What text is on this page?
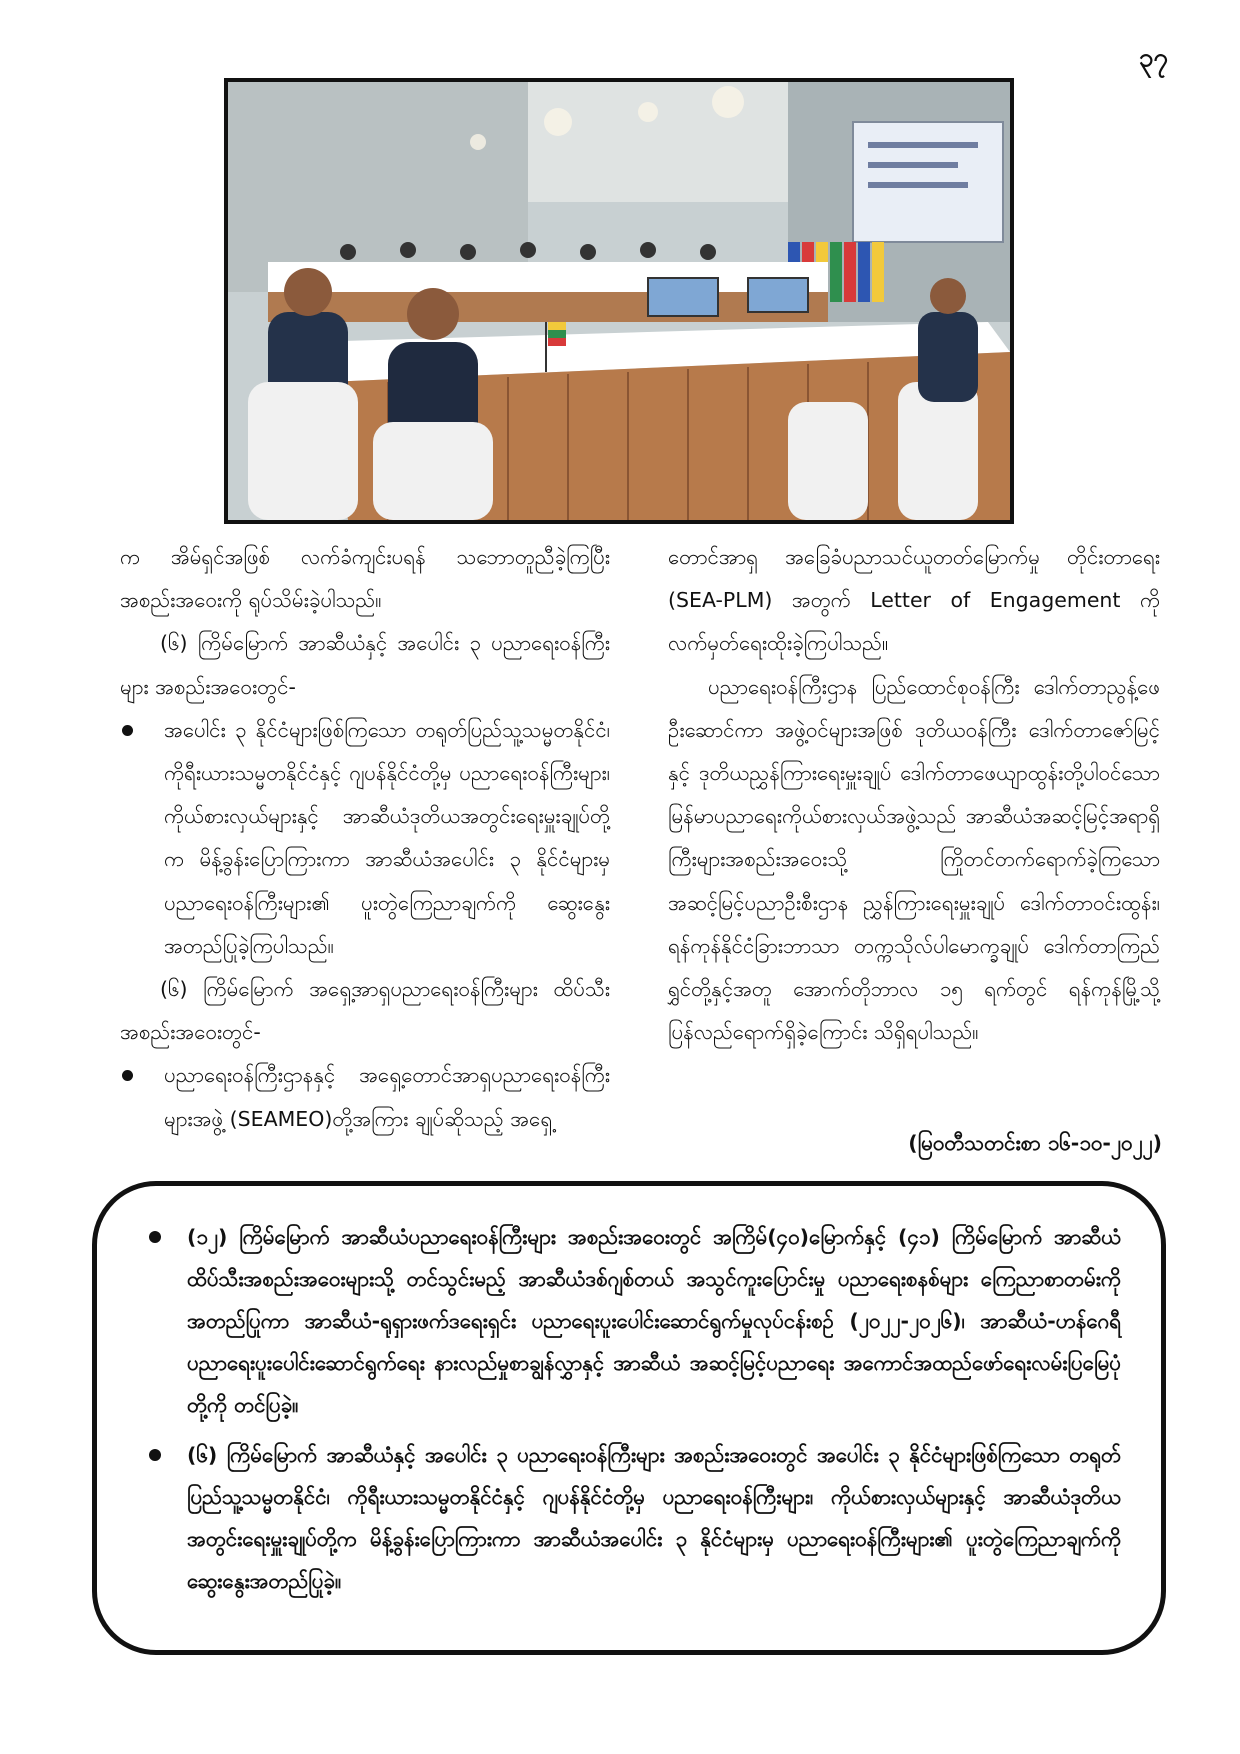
၃၇

က အိမ်ရှင်အဖြစ် လက်ခံကျင်းပရန် သဘောတူညီခဲ့ကြပြီး အစည်းအဝေးကို ရုပ်သိမ်းခဲ့ပါသည်။

(၆) ကြိမ်မြောက် အာဆီယံနှင့် အပေါင်း ၃ ပညာရေးဝန်ကြီးများ အစည်းအဝေးတွင်-

အပေါင်း ၃ နိုင်ငံများဖြစ်ကြသော တရုတ်ပြည်သူ့သမ္မတနိုင်ငံ၊ ကိုရီးယားသမ္မတနိုင်ငံနှင့် ဂျပန်နိုင်ငံတို့မှ ပညာရေးဝန်ကြီးများ၊ ကိုယ်စားလှယ်များနှင့် အာဆီယံဒုတိယအတွင်းရေးမှူးချုပ်တို့က မိန့်ခွန်းပြောကြားကာ အာဆီယံအပေါင်း ၃ နိုင်ငံများမှ ပညာရေးဝန်ကြီးများ၏ ပူးတွဲကြေညာချက်ကို ဆွေးနွေးအတည်ပြုခဲ့ကြပါသည်။

(၆) ကြိမ်မြောက် အရှေ့အာရှပညာရေးဝန်ကြီးများ ထိပ်သီးအစည်းအဝေးတွင်-

ပညာရေးဝန်ကြီးဌာနနှင့် အရှေ့တောင်အာရှပညာရေးဝန်ကြီးများအဖွဲ့ (SEAMEO)တို့အကြား ချုပ်ဆိုသည့် အရှေ့

တောင်အာရှ အခြေခံပညာသင်ယူတတ်မြောက်မှု တိုင်းတာရေး (SEA-PLM) အတွက် Letter of Engagement ကို လက်မှတ်ရေးထိုးခဲ့ကြပါသည်။

ပညာရေးဝန်ကြီးဌာန ပြည်ထောင်စုဝန်ကြီး ဒေါက်တာညွန့်ဖေဦးဆောင်ကာ အဖွဲ့ဝင်များအဖြစ် ဒုတိယဝန်ကြီး ဒေါက်တာဇော်မြင့်နှင့် ဒုတိယညွှန်ကြားရေးမှူးချုပ် ဒေါက်တာဖေယျာထွန်းတို့ပါဝင်သော မြန်မာပညာရေးကိုယ်စားလှယ်အဖွဲ့သည် အာဆီယံအဆင့်မြင့်အရာရှိကြီးများအစည်းအဝေးသို့ ကြိုတင်တက်ရောက်ခဲ့ကြသော အဆင့်မြင့်ပညာဦးစီးဌာန ညွှန်ကြားရေးမှူးချုပ် ဒေါက်တာဝင်းထွန်း၊ ရန်ကုန်နိုင်ငံခြားဘာသာ တက္ကသိုလ်ပါမောက္ခချုပ် ဒေါက်တာကြည်ရွှင်တို့နှင့်အတူ အောက်တိုဘာလ ၁၅ ရက်တွင် ရန်ကုန်မြို့သို့ ပြန်လည်ရောက်ရှိခဲ့ကြောင်း သိရှိရပါသည်။

(မြဝတီသတင်းစာ ၁၆-၁၀-၂၀၂၂)
(၁၂) ကြိမ်မြောက် အာဆီယံပညာရေးဝန်ကြီးများ အစည်းအဝေးတွင် အကြိမ်(၄၀)မြောက်နှင့် (၄၁) ကြိမ်မြောက် အာဆီယံထိပ်သီးအစည်းအဝေးများသို့ တင်သွင်းမည့် အာဆီယံဒစ်ဂျစ်တယ် အသွင်ကူးပြောင်းမှု ပညာရေးစနစ်များ ကြေညာစာတမ်းကို အတည်ပြုကာ အာဆီယံ-ရုရှားဖက်ဒရေးရှင်း ပညာရေးပူးပေါင်းဆောင်ရွက်မှုလုပ်ငန်းစဉ် (၂၀၂၂-၂၀၂၆)၊ အာဆီယံ-ဟန်ဂေရီ ပညာရေးပူးပေါင်းဆောင်ရွက်ရေး နားလည်မှုစာချွန်လွှာနှင့် အာဆီယံ အဆင့်မြင့်ပညာရေး အကောင်အထည်ဖော်ရေးလမ်းပြမြေပုံတို့ကို တင်ပြခဲ့။
(၆) ကြိမ်မြောက် အာဆီယံနှင့် အပေါင်း ၃ ပညာရေးဝန်ကြီးများ အစည်းအဝေးတွင် အပေါင်း ၃ နိုင်ငံများဖြစ်ကြသော တရုတ်ပြည်သူ့သမ္မတနိုင်ငံ၊ ကိုရီးယားသမ္မတနိုင်ငံနှင့် ဂျပန်နိုင်ငံတို့မှ ပညာရေးဝန်ကြီးများ၊ ကိုယ်စားလှယ်များနှင့် အာဆီယံဒုတိယအတွင်းရေးမှူးချုပ်တို့က မိန့်ခွန်းပြောကြားကာ အာဆီယံအပေါင်း ၃ နိုင်ငံများမှ ပညာရေးဝန်ကြီးများ၏ ပူးတွဲကြေညာချက်ကို ဆွေးနွေးအတည်ပြုခဲ့။
